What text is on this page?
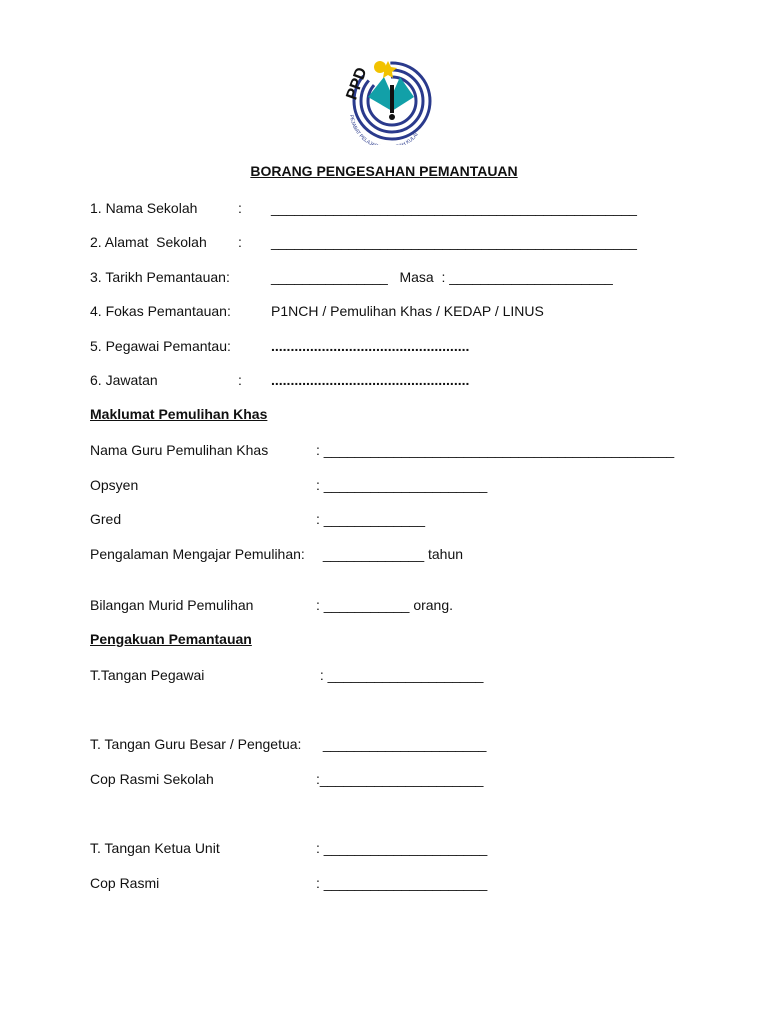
PPD
PEJABAT PELAJ H KULAI
BORANG PENGESAHAN PEMANTAUAN

1. Nama Sekolah

	:

_______________________________________________

2. Alamat  Sekolah

:

_______________________________________________

3. Tarikh Pemantauan:

	_______________   Masa  : _____________________

4. Fokas Pemantauan:

	P1NCH / Pemulihan Khas / KEDAP / LINUS

5. Pegawai Pemantau:

	...................................................

6. Jawatan

	:

...................................................

Maklumat Pemulihan Khas

Nama Guru Pemulihan Khas

	: _____________________________________________

Opsyen

	: _____________________

Gred

	: _____________

Pengalaman Mengajar Pemulihan:

_____________ tahun

Bilangan Murid Pemulihan

	: ___________ orang.

Pengakuan Pemantauan

T.Tangan Pegawai

	: ____________________

T. Tangan Guru Besar / Pengetua:

_____________________

Cop Rasmi Sekolah

	:_____________________

T. Tangan Ketua Unit

	: _____________________

Cop Rasmi

	: _____________________
